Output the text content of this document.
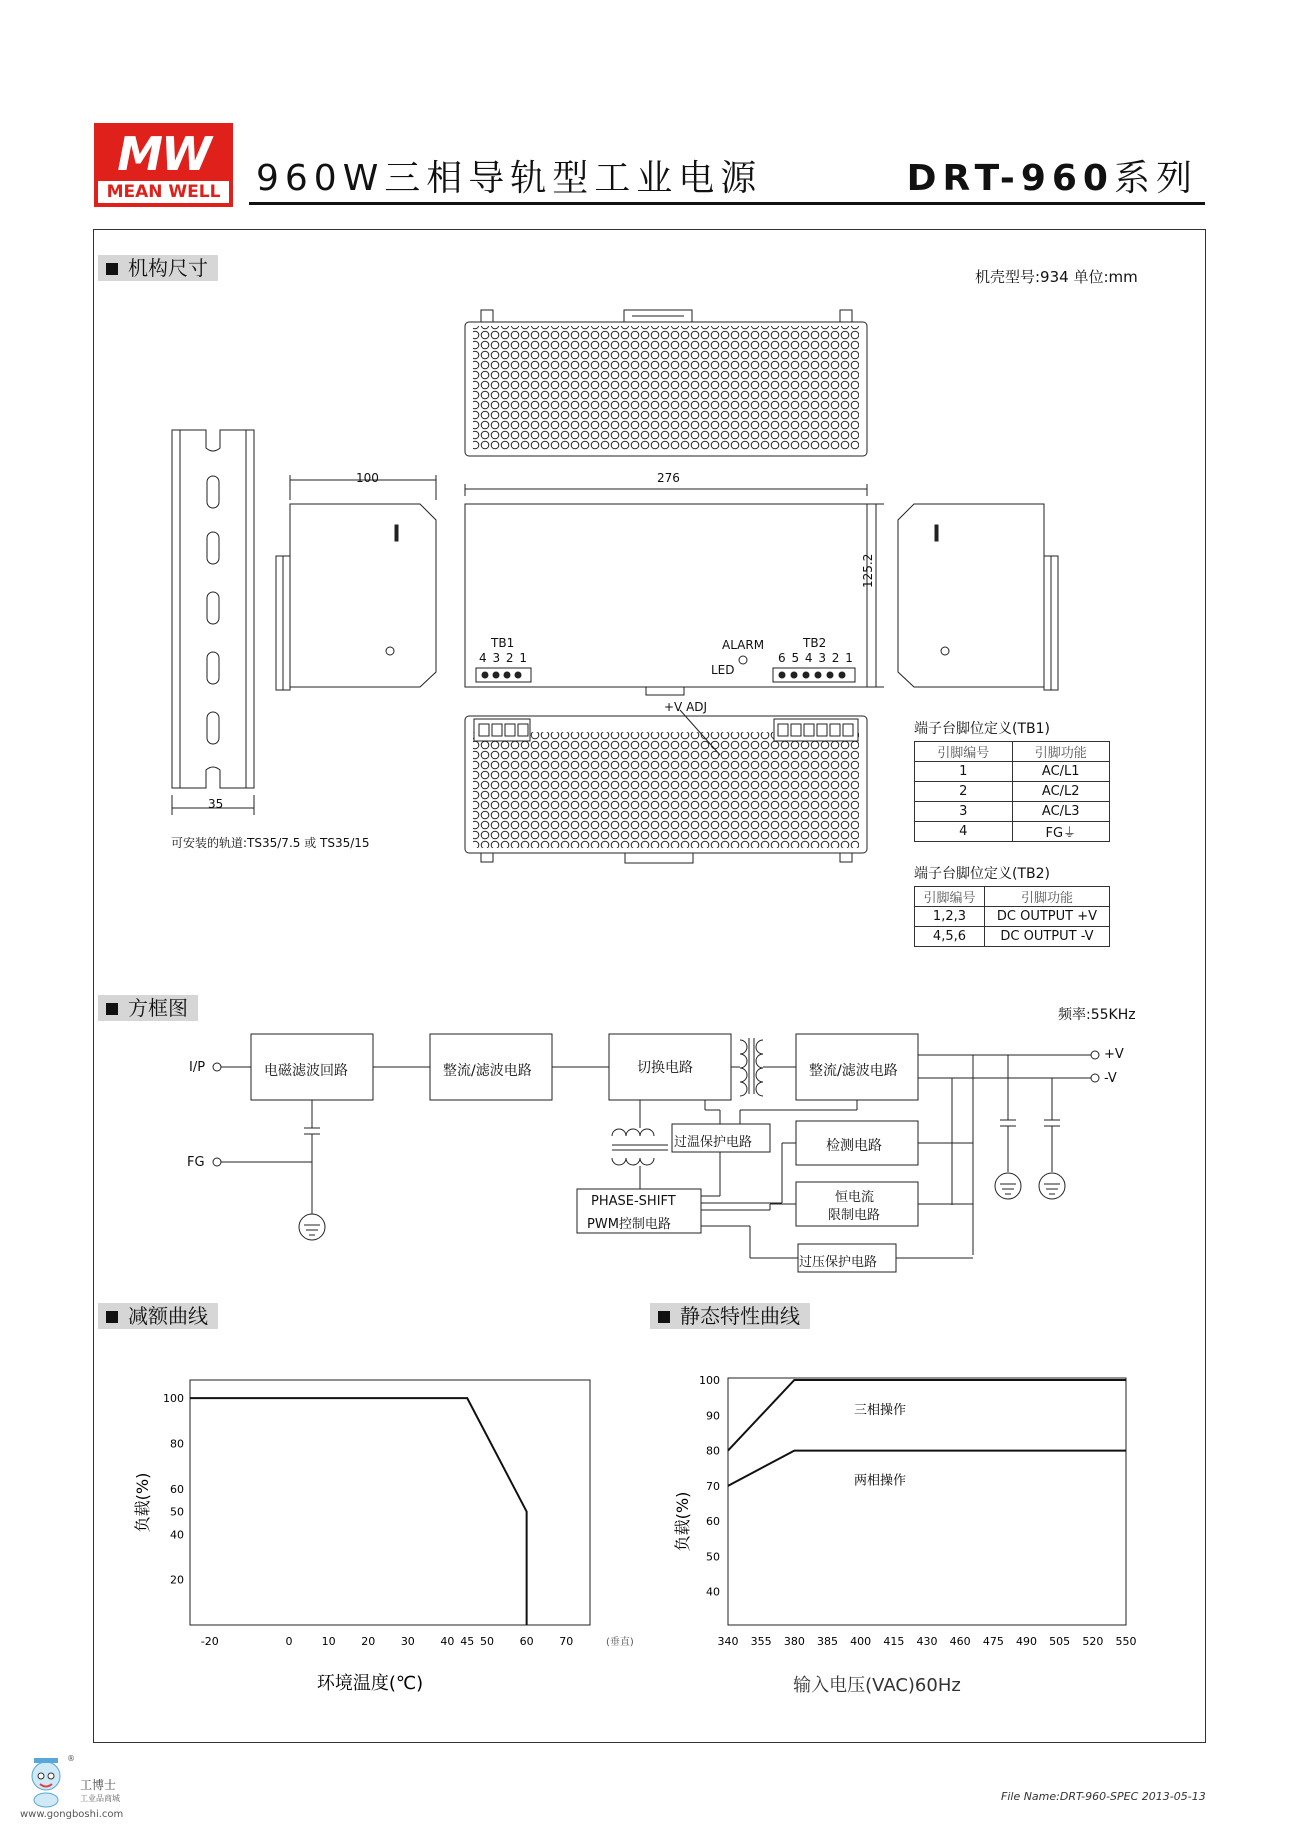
MW
MEAN WELL 960W三相导轨型工业电源	DRT-960系列
机构尺寸	机壳型号:934 单位:mm
100	276
125.2
35
TB1
4 3 2 1
TB2
6 5 4 3 2 1
ALARM
LED
+V ADJ
可安装的轨道:TS35/7.5 或 TS35/15
端子台脚位定义(TB1)
引脚编号	引脚功能
1	AC/L1
2	AC/L2
3	AC/L3
4	FG⏚
端子台脚位定义(TB2)
引脚编号	引脚功能
1,2,3	DC OUTPUT +V
4,5,6	DC OUTPUT -V
方框图	频率:55KHz
I/P
FG
电磁滤波回路	整流/滤波电路	切换电路	整流/滤波电路
过温保护电路	检测电路
PHASE-SHIFT
PWM控制电路
恒电流
限制电路
过压保护电路
+V
-V
减额曲线	静态特性曲线
-20	0	10 20 30 40 45 50 60 70	(垂直)
20
40
50
60
80
100
负载(%)
环境温度(℃)
340 355 380 385 400 415 430 460 475 490 505 520 550
40
50
60
70
80
90
100
三相操作
两相操作
负载(%)
输入电压(VAC)60Hz
File Name:DRT-960-SPEC 2013-05-13
®
工博士
工业品商城
www.gongboshi.com
